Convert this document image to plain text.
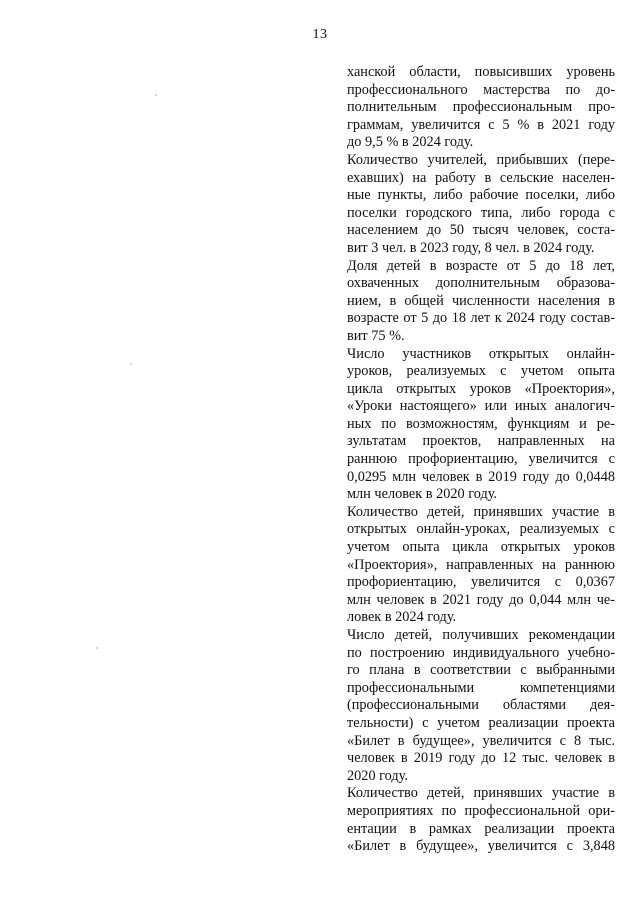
13
ханской области, повысивших уровень
профессионального мастерства по до-
полнительным профессиональным про-
граммам, увеличится с 5 % в 2021 году
до 9,5 % в 2024 году.
Количество учителей, прибывших (пере-
ехавших) на работу в сельские населен-
ные пункты, либо рабочие поселки, либо
поселки городского типа, либо города с
населением до 50 тысяч человек, соста-
вит 3 чел. в 2023 году, 8 чел. в 2024 году.
Доля детей в возрасте от 5 до 18 лет,
охваченных дополнительным образова-
нием, в общей численности населения в
возрасте от 5 до 18 лет к 2024 году состав-
вит 75 %.
Число участников открытых онлайн-
уроков, реализуемых с учетом опыта
цикла открытых уроков «Проектория»,
«Уроки настоящего» или иных аналогич-
ных по возможностям, функциям и ре-
зультатам проектов, направленных на
раннюю профориентацию, увеличится с
0,0295 млн человек в 2019 году до 0,0448
млн человек в 2020 году.
Количество детей, принявших участие в
открытых онлайн-уроках, реализуемых с
учетом опыта цикла открытых уроков
«Проектория», направленных на раннюю
профориентацию, увеличится с 0,0367
млн человек в 2021 году до 0,044 млн че-
ловек в 2024 году.
Число детей, получивших рекомендации
по построению индивидуального учебно-
го плана в соответствии с выбранными
профессиональными компетенциями
(профессиональными областями дея-
тельности) с учетом реализации проекта
«Билет в будущее», увеличится с 8 тыс.
человек в 2019 году до 12 тыс. человек в
2020 году.
Количество детей, принявших участие в
мероприятиях по профессиональной ори-
ентации в рамках реализации проекта
«Билет в будущее», увеличится с 3,848
